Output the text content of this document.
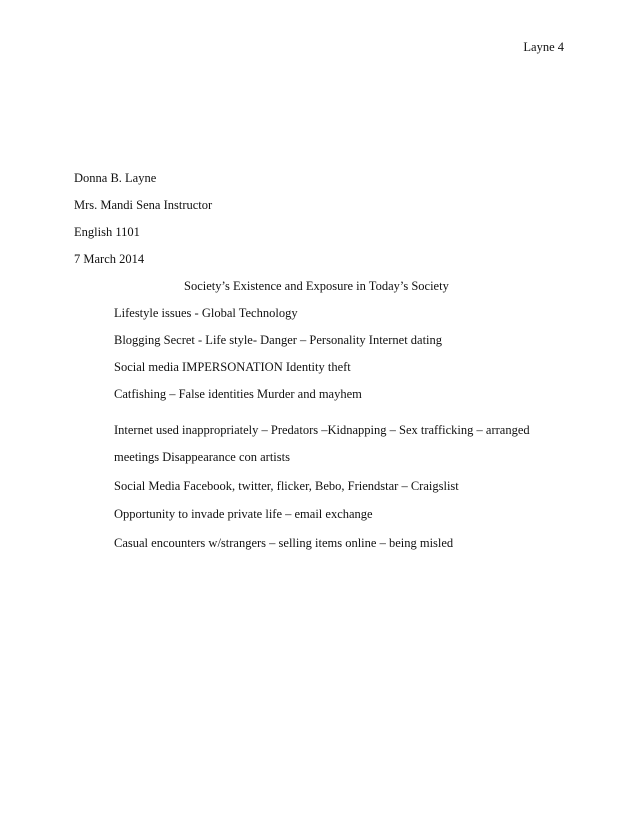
Layne 4
Donna B. Layne
Mrs. Mandi Sena Instructor
English 1101
7 March 2014
Society’s Existence and Exposure in Today’s Society
Lifestyle issues - Global Technology
Blogging Secret - Life style- Danger – Personality Internet dating
Social media IMPERSONATION Identity theft
Catfishing – False identities Murder and mayhem
Internet used inappropriately – Predators –Kidnapping – Sex trafficking – arranged
meetings Disappearance con artists
Social Media Facebook, twitter, flicker, Bebo, Friendstar – Craigslist
Opportunity to invade private life – email exchange
Casual encounters w/strangers – selling items online – being misled
